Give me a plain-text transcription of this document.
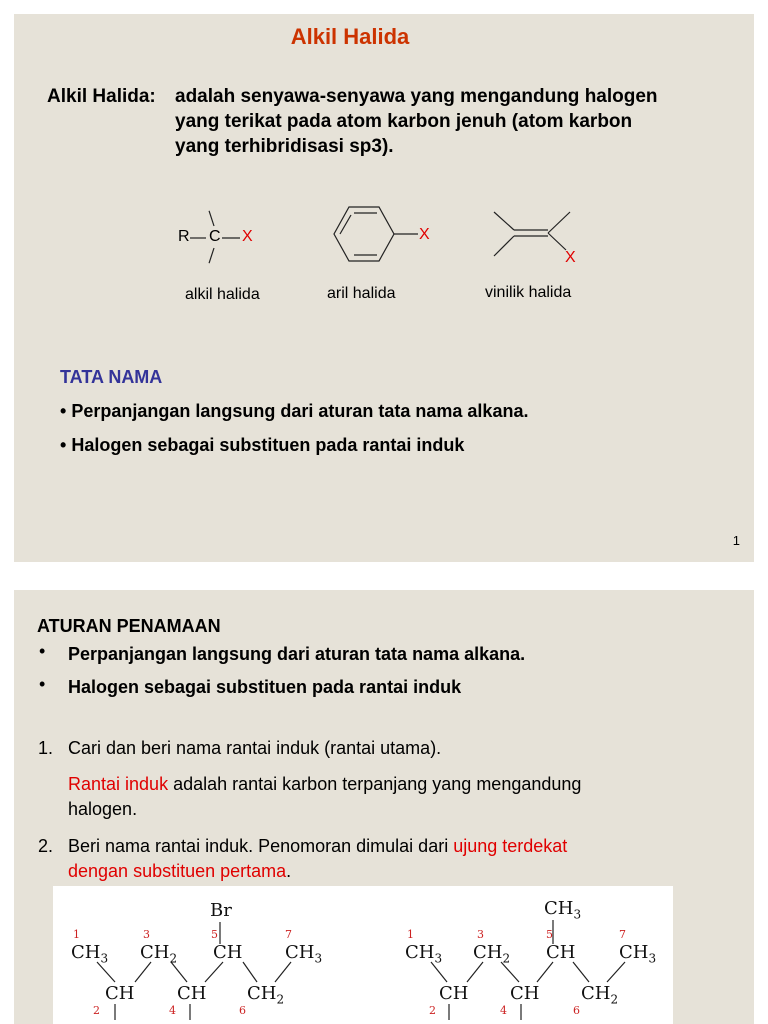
Alkil Halida
Alkil Halida:	adalah senyawa-senyawa yang mengandung halogen
yang terikat pada atom karbon jenuh (atom karbon
yang terhibridisasi sp3).
R C X
alkil halida
X
aril halida
X
vinilik halida
TATA NAMA
• Perpanjangan langsung dari aturan tata nama alkana.
• Halogen sebagai substituen pada rantai induk
1
ATURAN PENAMAAN
• Perpanjangan langsung dari aturan tata nama alkana.
• Halogen sebagai substituen pada rantai induk
1. Cari dan beri nama rantai induk (rantai utama).
Rantai induk adalah rantai karbon terpanjang yang mengandung
halogen.
2. Beri nama rantai induk. Penomoran dimulai dari ujung terdekat
dengan substituen pertama.
Br
1
$CH_3$
3
$CH_2$
5
CH
7
$CH_3$
CH
2
CH
4
$CH_2$
6
$CH_3$
1
$CH_3$
3
$CH_2$
5
CH
7
$CH_3$
CH
2
CH
4
$CH_2$
6
